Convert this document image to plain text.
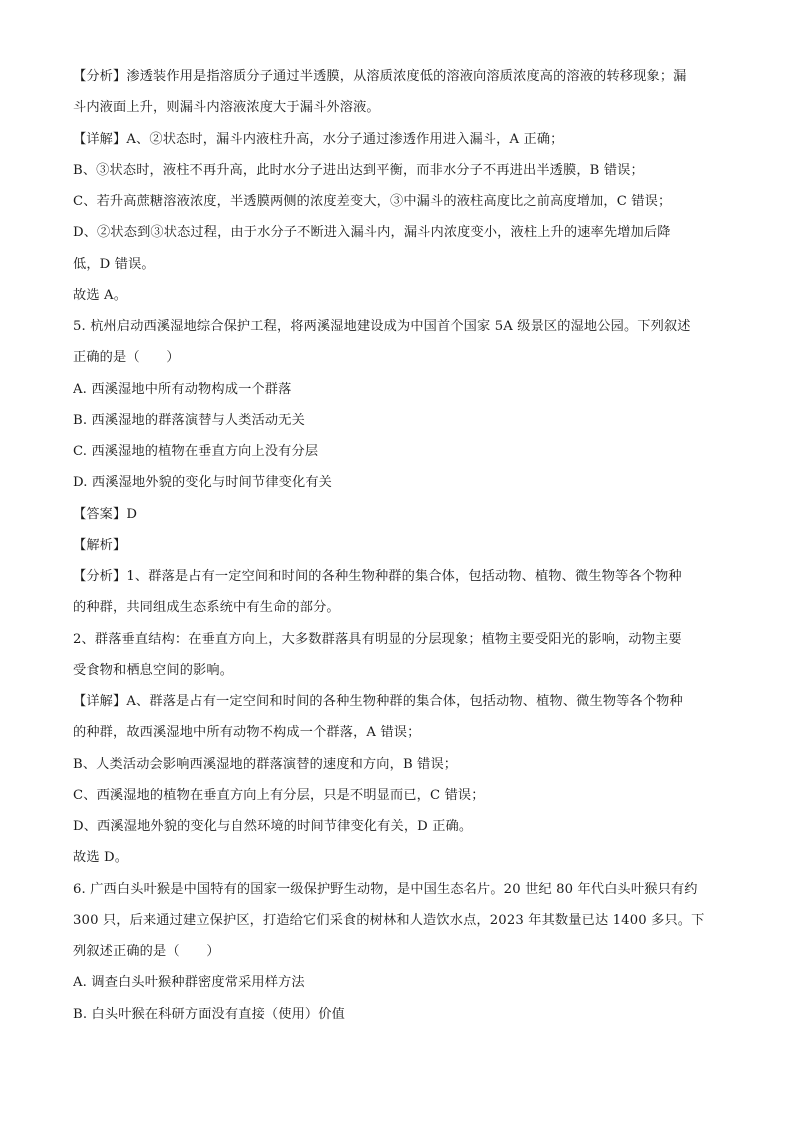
【分析】渗透装作用是指溶质分子通过半透膜，从溶质浓度低的溶液向溶质浓度高的溶液的转移现象；漏
斗内液面上升，则漏斗内溶液浓度大于漏斗外溶液。
【详解】A、②状态时，漏斗内液柱升高，水分子通过渗透作用进入漏斗，A 正确；
B、③状态时，液柱不再升高，此时水分子进出达到平衡，而非水分子不再进出半透膜，B 错误；
C、若升高蔗糖溶液浓度，半透膜两侧的浓度差变大，③中漏斗的液柱高度比之前高度增加，C 错误；
D、②状态到③状态过程，由于水分子不断进入漏斗内，漏斗内浓度变小，液柱上升的速率先增加后降
低，D 错误。
故选 A。
5. 杭州启动西溪湿地综合保护工程，将两溪湿地建设成为中国首个国家 5A 级景区的湿地公园。下列叙述
正确的是（　　）
A. 西溪湿地中所有动物构成一个群落
B. 西溪湿地的群落演替与人类活动无关
C. 西溪湿地的植物在垂直方向上没有分层
D. 西溪湿地外貌的变化与时间节律变化有关
【答案】D
【解析】
【分析】1、群落是占有一定空间和时间的各种生物种群的集合体，包括动物、植物、微生物等各个物种
的种群，共同组成生态系统中有生命的部分。
2、群落垂直结构：在垂直方向上，大多数群落具有明显的分层现象；植物主要受阳光的影响，动物主要
受食物和栖息空间的影响。
【详解】A、群落是占有一定空间和时间的各种生物种群的集合体，包括动物、植物、微生物等各个物种
的种群，故西溪湿地中所有动物不构成一个群落，A 错误；
B、人类活动会影响西溪湿地的群落演替的速度和方向，B 错误；
C、西溪湿地的植物在垂直方向上有分层，只是不明显而已，C 错误；
D、西溪湿地外貌的变化与自然环境的时间节律变化有关，D 正确。
故选 D。
6. 广西白头叶猴是中国特有的国家一级保护野生动物，是中国生态名片。20 世纪 80 年代白头叶猴只有约
300 只，后来通过建立保护区，打造给它们采食的树林和人造饮水点，2023 年其数量已达 1400 多只。下
列叙述正确的是（　　）
A. 调查白头叶猴种群密度常采用样方法
B. 白头叶猴在科研方面没有直接（使用）价值
